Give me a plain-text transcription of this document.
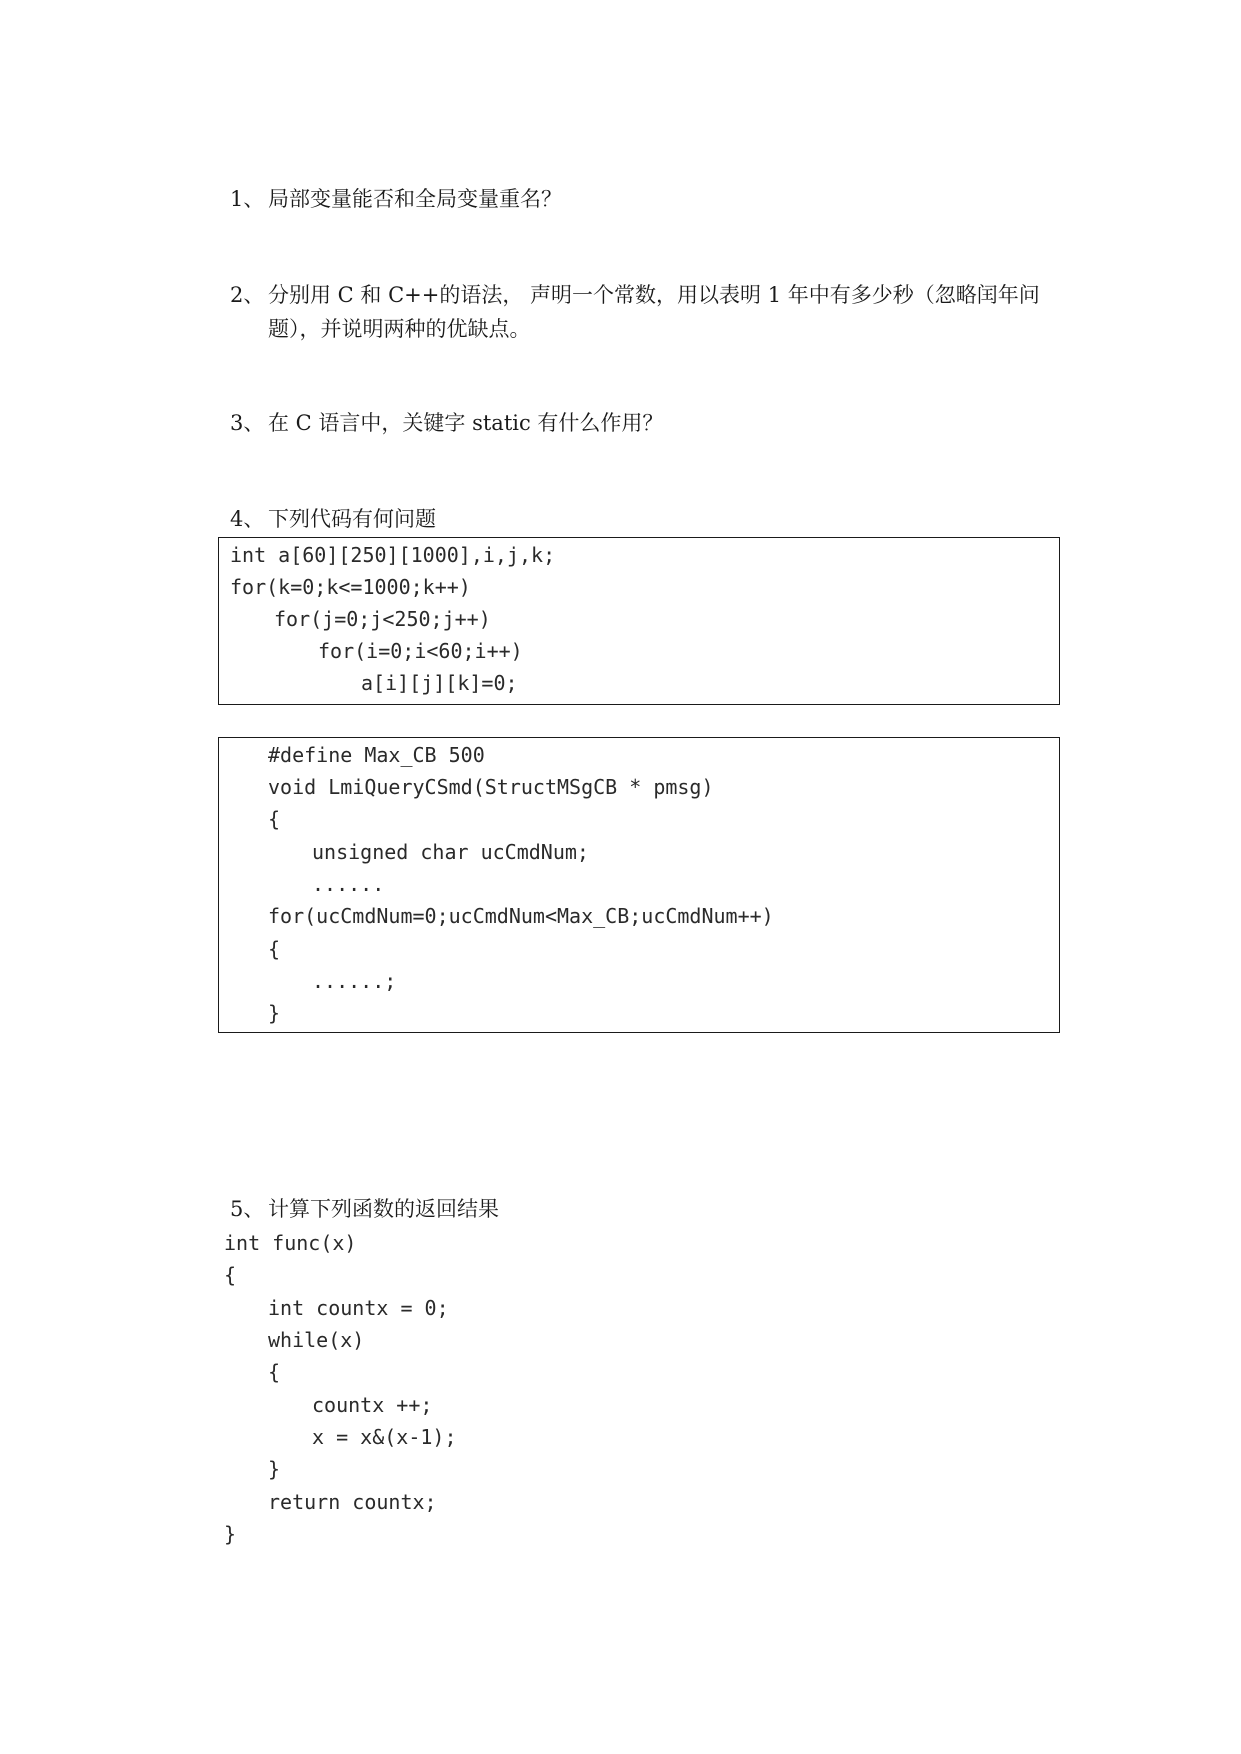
1、 局部变量能否和全局变量重名？
2、 分别用 C 和 C++的语法， 声明一个常数，用以表明 1 年中有多少秒（忽略闰年问题），并说明两种的优缺点。
3、 在 C 语言中，关键字 static 有什么作用？
4、 下列代码有何问题
int a[60][250][1000],i,j,k;
for(k=0;k<=1000;k++)
for(j=0;j<250;j++)
for(i=0;i<60;i++)
a[i][j][k]=0;
#define Max_CB 500
void LmiQueryCSmd(StructMSgCB * pmsg)
{
unsigned char ucCmdNum;
......
for(ucCmdNum=0;ucCmdNum<Max_CB;ucCmdNum++)
{
......;
}
5、 计算下列函数的返回结果
int func(x)
{
int countx = 0;
while(x)
{
countx ++;
x = x&(x-1);
}
return countx;
}
